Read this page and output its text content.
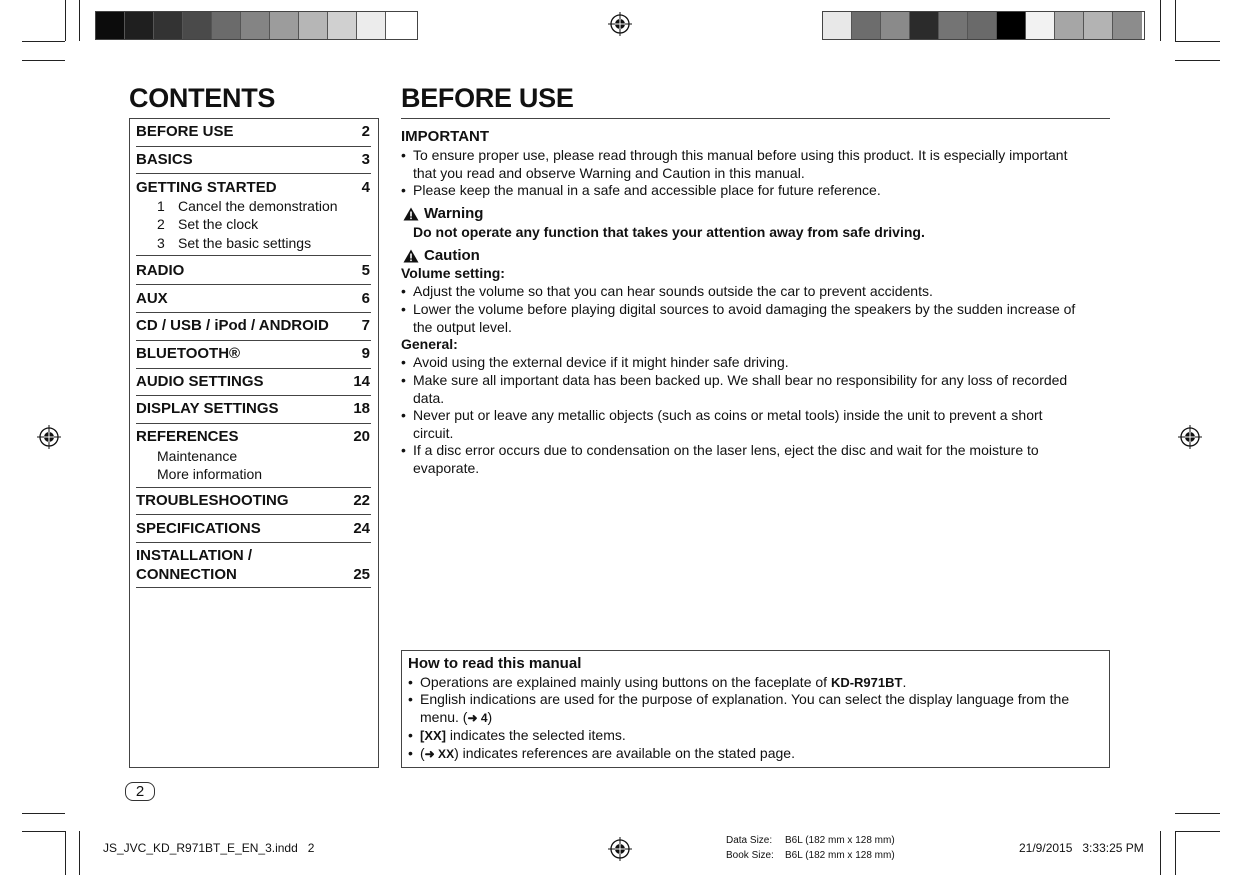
CONTENTS	BEFORE USE
BEFORE USE	2
BASICS	3
GETTING STARTED	4
1 Cancel the demonstration
2 Set the clock
3 Set the basic settings
RADIO	5
AUX	6
CD / USB / iPod / ANDROID 7
BLUETOOTH®	9
AUDIO SETTINGS	14
DISPLAY SETTINGS	18
REFERENCES	20
Maintenance
More information
TROUBLESHOOTING	22
SPECIFICATIONS	24
INSTALLATION /
CONNECTION	25
IMPORTANT
• To ensure proper use, please read through this manual before using this product. It is especially important
that you read and observe Warning and Caution in this manual.
• Please keep the manual in a safe and accessible place for future reference.
Warning
Do not operate any function that takes your attention away from safe driving.
Caution
Volume setting:
• Adjust the volume so that you can hear sounds outside the car to prevent accidents.
• Lower the volume before playing digital sources to avoid damaging the speakers by the sudden increase of
the output level.
General:
• Avoid using the external device if it might hinder safe driving.
• Make sure all important data has been backed up. We shall bear no responsibility for any loss of recorded
data.
• Never put or leave any metallic objects (such as coins or metal tools) inside the unit to prevent a short
circuit.
• If a disc error occurs due to condensation on the laser lens, eject the disc and wait for the moisture to
evaporate.
How to read this manual
• Operations are explained mainly using buttons on the faceplate of KD-R971BT.
• English indications are used for the purpose of explanation. You can select the display language from the
menu. (➜ 4)
• [XX] indicates the selected items.
• (➜ XX) indicates references are available on the stated page.
2
JS_JVC_KD_R971BT_E_EN_3.indd   2
Data Size: B6L (182 mm x 128 mm)
Book Size: B6L (182 mm x 128 mm)
21/9/2015   3:33:25 PM
